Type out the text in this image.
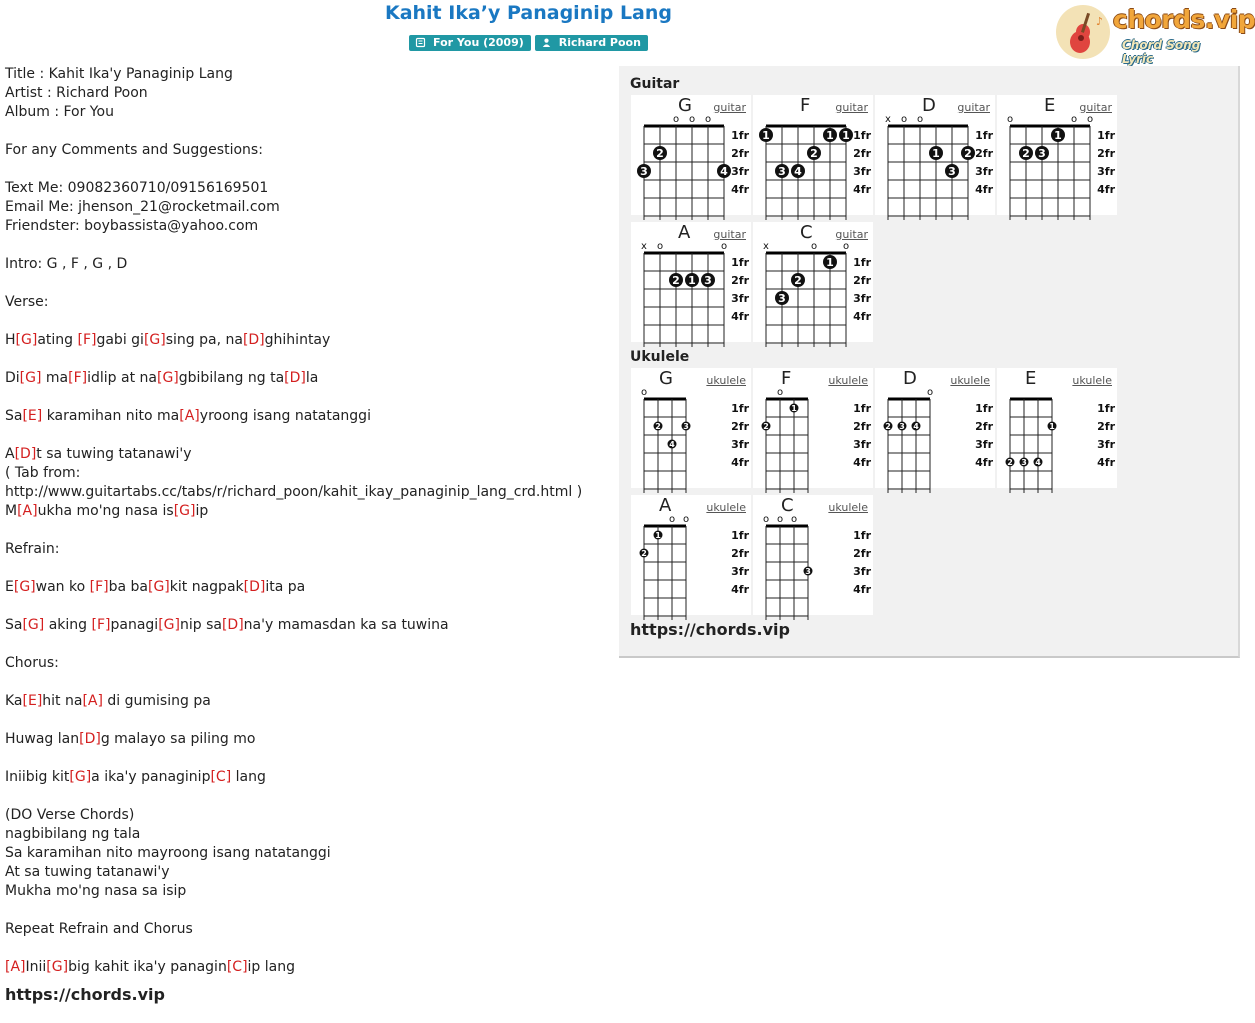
Kahit Ika’y Panaginip Lang
For You (2009)	Richard Poon
♪ chords.vip
Chord Song Lyric
Title : Kahit Ika'y Panaginip Lang
Artist : Richard Poon
Album : For You
For any Comments and Suggestions:
Text Me: 09082360710/09156169501
Email Me: jhenson_21@rocketmail.com
Friendster: boybassista@yahoo.com
Intro: G , F , G , D
Verse:
H[G]ating [F]gabi gi[G]sing pa, na[D]ghihintay
Di[G] ma[F]idlip at na[G]gbibilang ng ta[D]la
Sa[E] karamihan nito ma[A]yroong isang natatanggi
A[D]t sa tuwing tatanawi'y
( Tab from:
http://www.guitartabs.cc/tabs/r/richard_poon/kahit_ikay_panaginip_lang_crd.html )
M[A]ukha mo'ng nasa is[G]ip
Refrain:
E[G]wan ko [F]ba ba[G]kit nagpak[D]ita pa
Sa[G] aking [F]panagi[G]nip sa[D]na'y mamasdan ka sa tuwina
Chorus:
Ka[E]hit na[A] di gumising pa
Huwag lan[D]g malayo sa piling mo
Iniibig kit[G]a ika'y panaginip[C] lang
(DO Verse Chords)
nagbibilang ng tala
Sa karamihan nito mayroong isang natatanggi
At sa tuwing tatanawi'y
Mukha mo'ng nasa sa isip
Repeat Refrain and Chorus
[A]Inii[G]big kahit ika'y panagin[C]ip lang
https://chords.vip
Guitar
Ukulele
https://chords.vip
1fr
2fr
3fr
4fr
o o o
2
3	4
G guitar
1fr
2fr
3fr
4fr
1	1 1
2
3 4
F guitar
1fr
2fr
3fr
4fr
x o o
1 2
3
D guitar
1fr
2fr
3fr
4fr
o	o o
1
2 3
E guitar
1fr
2fr
3fr
4fr
x o	o
2 1 3
A guitar
1fr
2fr
3fr
4fr
x	o	o
1
2
3
C guitar
1fr
2fr
3fr
4fr
o
2	3
4
G	ukulele
1fr
2fr
3fr
4fr
o
1
2
F	ukulele
1fr
2fr
3fr
4fr
o
2 3 4
D	ukulele
1fr
2fr
3fr
4fr
1
2 3 4
E	ukulele
1fr
2fr
3fr
4fr
o o
1
2
A	ukulele
1fr
2fr
3fr
4fr
o o o
3
C	ukulele
